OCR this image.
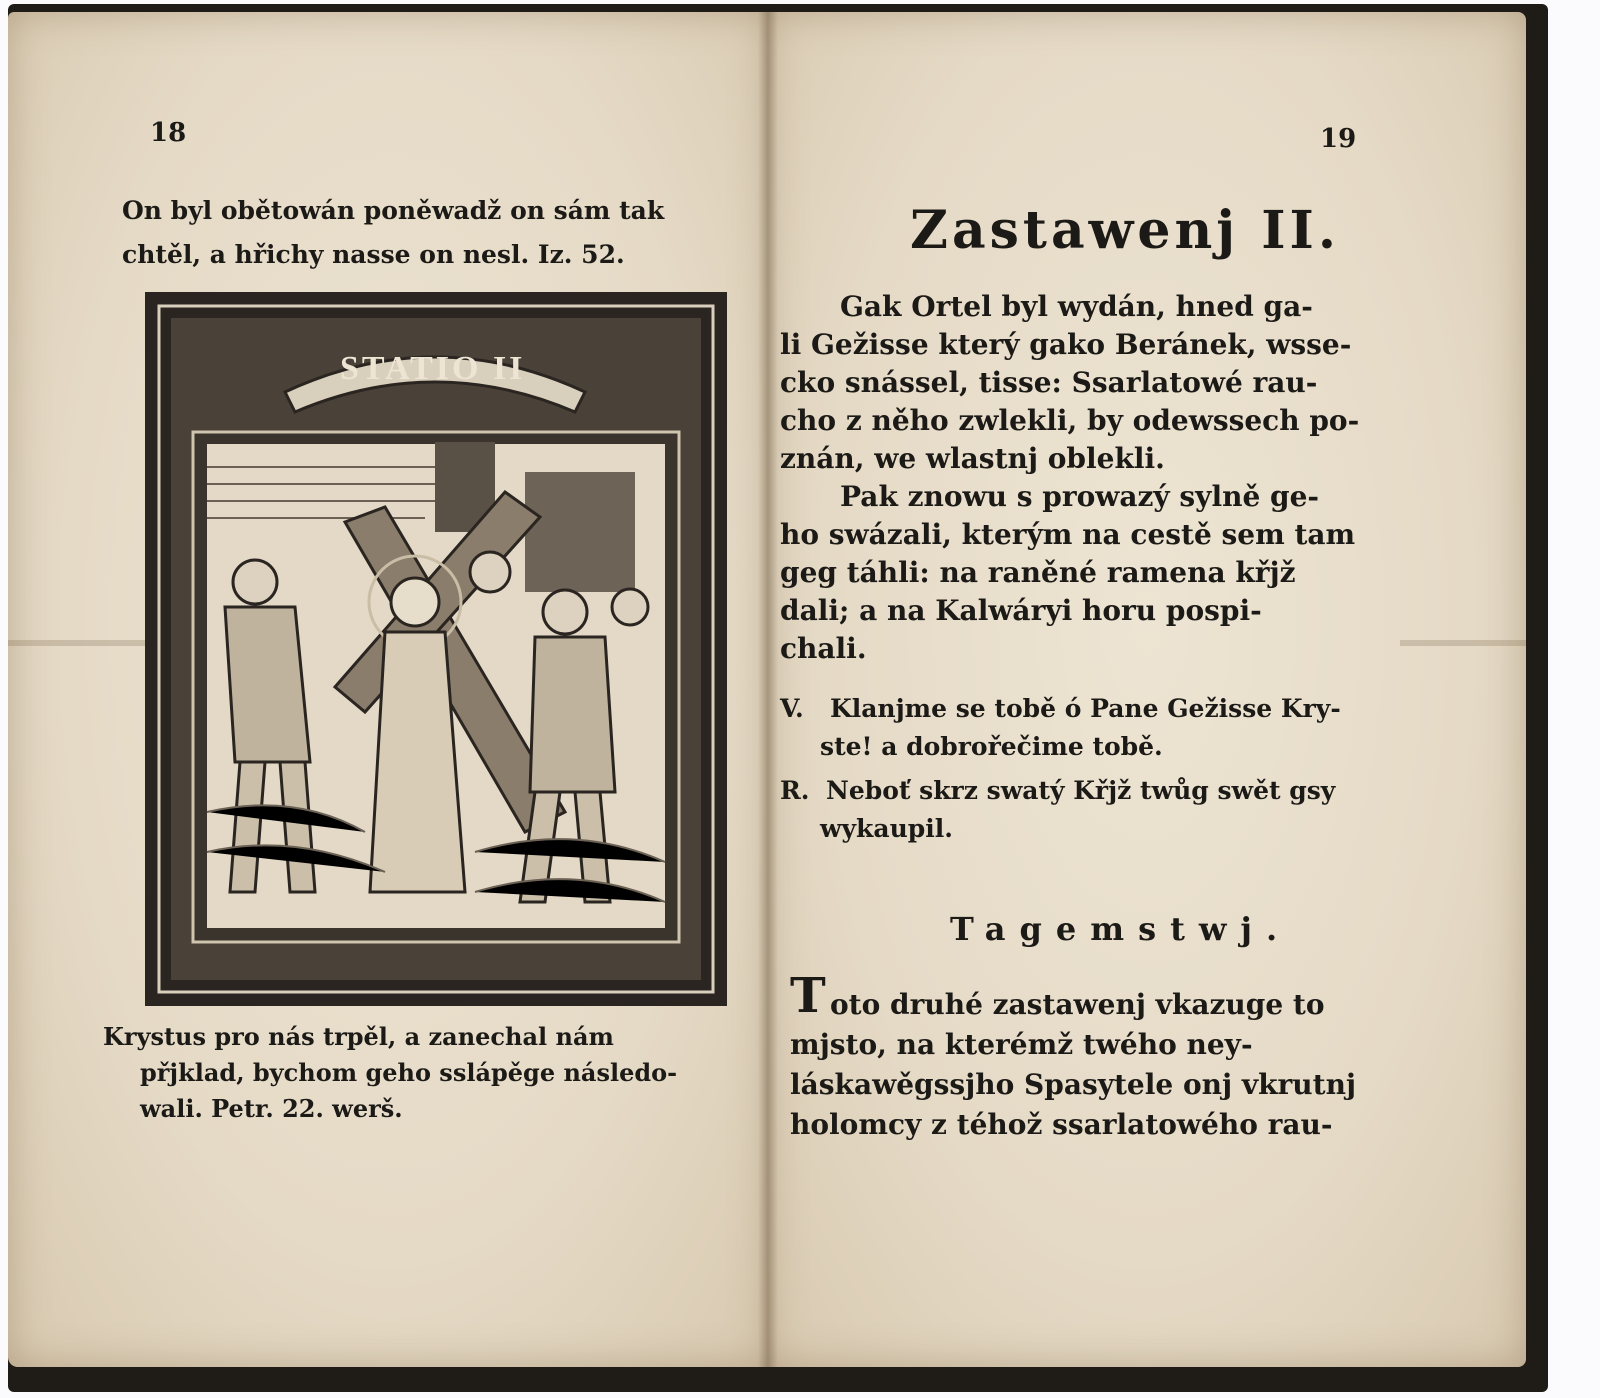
18
On byl obětowán poněwadž on sám tak
chtěl, a hřichy nasse on nesl. Iz. 52.
STATIO II
Krystus pro nás trpěl, a zanechal nám
přjklad, bychom geho sslápěge následo-
wali. Petr. 22. werš.
19
Zastawenj II.
Gak Ortel byl wydán, hned ga-
li Gežisse který gako Beránek, wsse-
cko snássel, tisse: Ssarlatowé rau-
cho z něho zwlekli, by odewssech po-
znán, we wlastnj oblekli.
Pak znowu s prowazý sylně ge-
ho swázali, kterým na cestě sem tam
geg táhli: na raněné ramena křjž
dali; a na Kalwáryi horu pospi-
chali.
V. Klanjme se tobě ó Pane Gežisse Kry-
ste! a dobrořečime tobě.
R. Neboť skrz swatý Křjž twůg swět gsy
wykaupil.
Tagemstwj.
T oto druhé zastawenj vkazuge to
mjsto, na kterémž twého ney-
láskawěgssjho Spasytele onj vkrutnj
holomcy z téhož ssarlatowého rau-
